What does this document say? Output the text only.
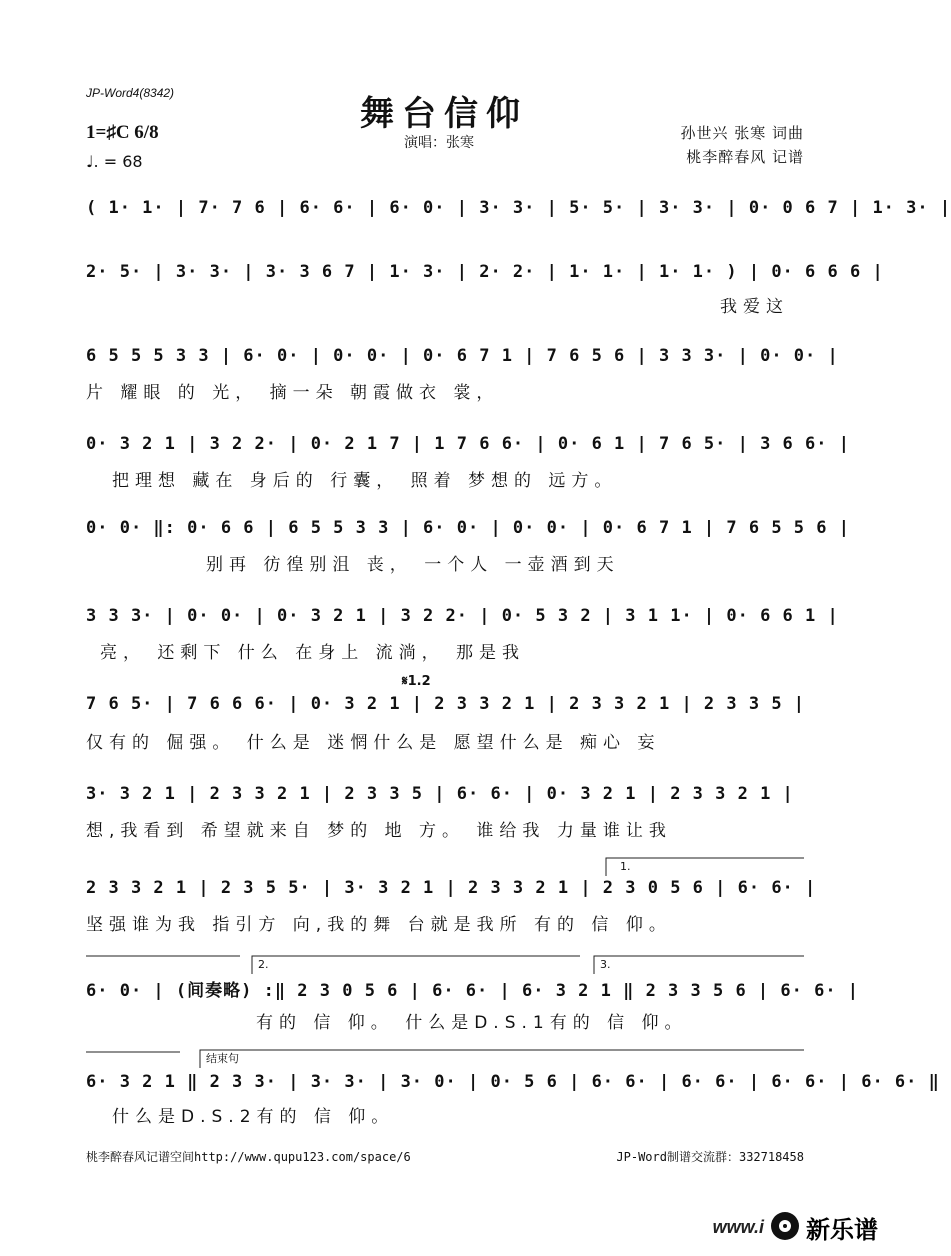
JP-Word4(8342)
舞台信仰
演唱：张寒
1=♯C 6/8
♩. = 68
孙世兴 张寒 词曲
桃李醉春风 记谱
( 1· 1· | 7· 7 6 | 6· 6· | 6· 0· | 3· 3· | 5· 5· | 3· 3· | 0· 0 6 7 | 1· 3· |
2· 5· | 3· 3· | 3· 3 6 7 | 1· 3· | 2· 2· | 1· 1· | 1· 1· ) | 0· 6 6 6 |
我爱这
6 5 5 5 3 3 | 6· 0· | 0· 0· | 0· 6 7 1 | 7 6 5 6 | 3 3 3· | 0· 0· |
片 耀眼 的 光， 摘一朵 朝霞做衣 裳，
0· 3 2 1 | 3 2 2· | 0· 2 1 7 | 1 7 6 6· | 0· 6 1 | 7 6 5· | 3 6 6· |
把理想 藏在 身后的 行囊， 照着 梦想的 远方。
0· 0· ‖: 0· 6 6 | 6 5 5 3 3 | 6· 0· | 0· 0· | 0· 6 7 1 | 7 6 5 5 6 |
别再 彷徨别沮 丧， 一个人 一壶酒到天
3 3 3· | 0· 0· | 0· 3 2 1 | 3 2 2· | 0· 5 3 2 | 3 1 1· | 0· 6 6 1 |
亮， 还剩下 什么 在身上 流淌， 那是我
7 6 5· | 7 6 6 6· | 0· 3 2 1 | 2 3 3 2 1 | 2 3 3 2 1 | 2 3 3 5 |
仅有的 倔强。 什么是 迷惘什么是 愿望什么是 痴心 妄
3· 3 2 1 | 2 3 3 2 1 | 2 3 3 5 | 6· 6· | 0· 3 2 1 | 2 3 3 2 1 |
想,我看到 希望就来自 梦的 地 方。 谁给我 力量谁让我
2 3 3 2 1 | 2 3 5 5· | 3· 3 2 1 | 2 3 3 2 1 | 2 3 0 5 6 | 6· 6· |
坚强谁为我 指引方 向,我的舞 台就是我所 有的 信 仰。
6· 0· | (间奏略) :‖ 2 3 0 5 6 | 6· 6· | 6· 3 2 1 ‖ 2 3 3 5 6 | 6· 6· |
有的 信 仰。 什么是D.S.1有的 信 仰。
6· 3 2 1 ‖ 2 3 3· | 3· 3· | 3· 0· | 0· 5 6 | 6· 6· | 6· 6· | 6· 6· | 6· 6· ‖
什么是D.S.2有的 信 仰。
𝄋1.2
1.
2.	3.
结束句
桃李醉春风记谱空间http://www.qupu123.com/space/6	JP-Word制谱交流群：332718458
www.i 新乐谱
